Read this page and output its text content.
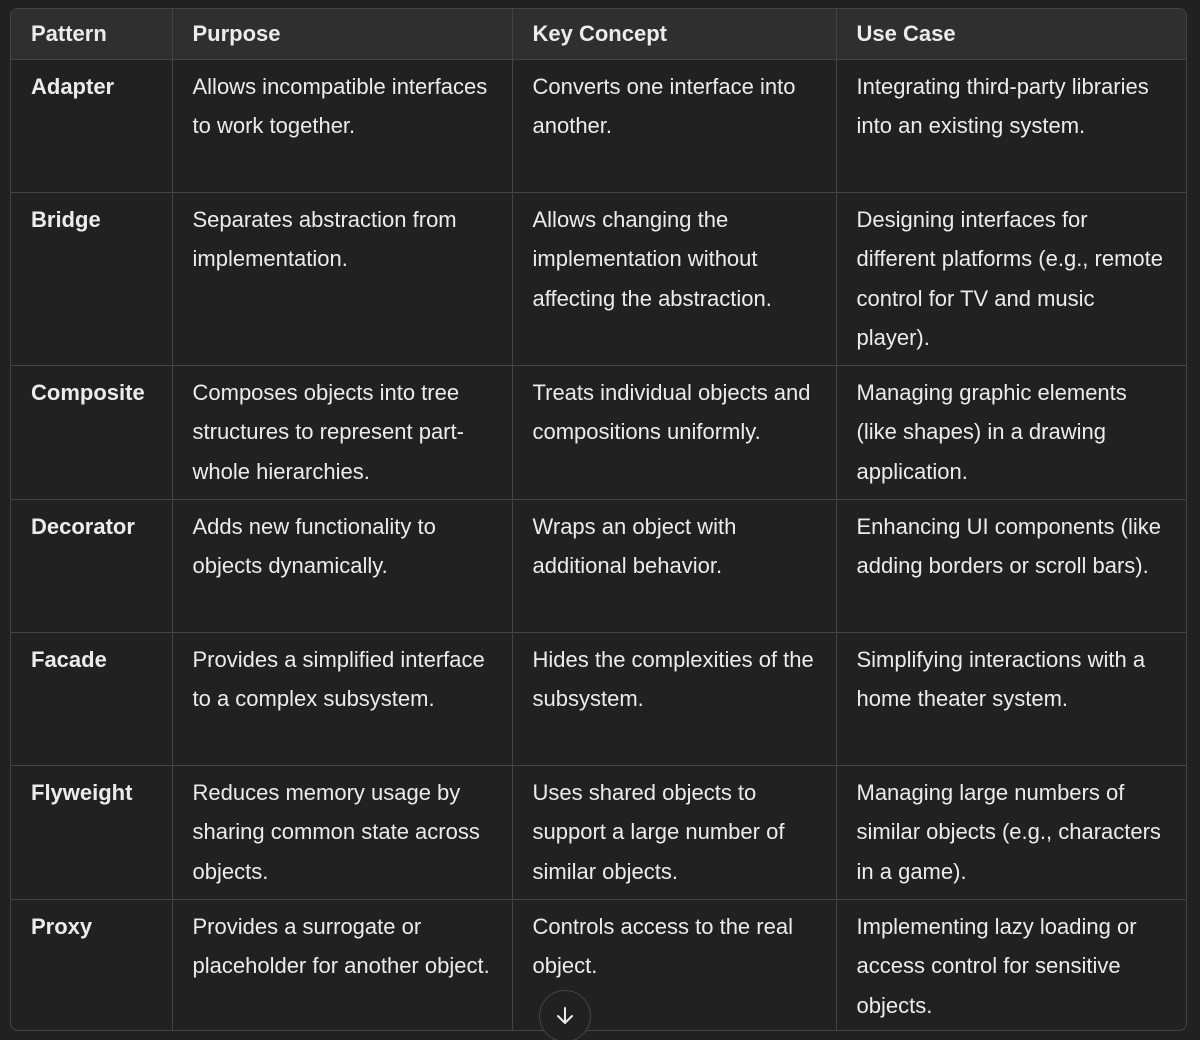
Pattern	Purpose	Key Concept	Use Case
Adapter	Allows incompatible interfaces to work together.	Converts one interface into another.	Integrating third-party libraries into an existing system.
Bridge	Separates abstraction from implementation.	Allows changing the implementation without affecting the abstraction.	Designing interfaces for different platforms (e.g., remote control for TV and music player).
Composite	Composes objects into tree structures to represent part-whole hierarchies.	Treats individual objects and compositions uniformly.	Managing graphic elements (like shapes) in a drawing application.
Decorator	Adds new functionality to objects dynamically.	Wraps an object with additional behavior.	Enhancing UI components (like adding borders or scroll bars).
Facade	Provides a simplified interface to a complex subsystem.	Hides the complexities of the subsystem.	Simplifying interactions with a home theater system.
Flyweight	Reduces memory usage by sharing common state across objects.	Uses shared objects to support a large number of similar objects.	Managing large numbers of similar objects (e.g., characters in a game).
Proxy	Provides a surrogate or placeholder for another object.	Controls access to the real object.	Implementing lazy loading or access control for sensitive objects.
